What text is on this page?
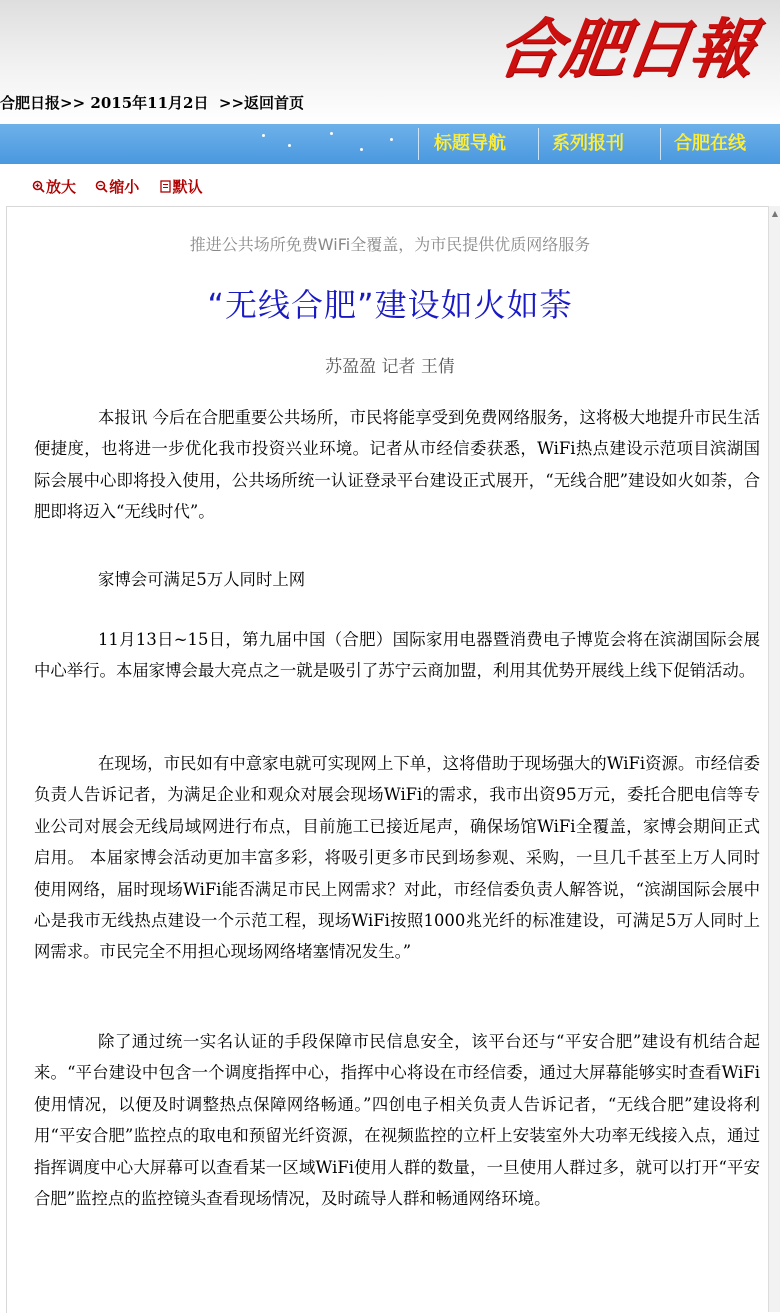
合肥日報
合肥日报>> 2015年11月2日 >>返回首页
标题导航	系列报刊	合肥在线
放大 缩小 默认
▲
推进公共场所免费WiFi全覆盖，为市民提供优质网络服务
“无线合肥”建设如火如荼
苏盈盈 记者 王倩
本报讯 今后在合肥重要公共场所，市民将能享受到免费网络服务，这将极大地提升市民生活便捷度，也将进一步优化我市投资兴业环境。记者从市经信委获悉，WiFi热点建设示范项目滨湖国际会展中心即将投入使用，公共场所统一认证登录平台建设正式展开，“无线合肥”建设如火如荼，合肥即将迈入“无线时代”。
家博会可满足5万人同时上网
11月13日~15日，第九届中国（合肥）国际家用电器暨消费电子博览会将在滨湖国际会展中心举行。本届家博会最大亮点之一就是吸引了苏宁云商加盟，利用其优势开展线上线下促销活动。
在现场，市民如有中意家电就可实现网上下单，这将借助于现场强大的WiFi资源。市经信委负责人告诉记者，为满足企业和观众对展会现场WiFi的需求，我市出资95万元，委托合肥电信等专业公司对展会无线局域网进行布点，目前施工已接近尾声，确保场馆WiFi全覆盖，家博会期间正式启用。 本届家博会活动更加丰富多彩，将吸引更多市民到场参观、采购，一旦几千甚至上万人同时使用网络，届时现场WiFi能否满足市民上网需求？对此，市经信委负责人解答说，“滨湖国际会展中心是我市无线热点建设一个示范工程，现场WiFi按照1000兆光纤的标准建设，可满足5万人同时上网需求。市民完全不用担心现场网络堵塞情况发生。”
除了通过统一实名认证的手段保障市民信息安全，该平台还与“平安合肥”建设有机结合起来。“平台建设中包含一个调度指挥中心，指挥中心将设在市经信委，通过大屏幕能够实时查看WiFi使用情况，以便及时调整热点保障网络畅通。”四创电子相关负责人告诉记者，“无线合肥”建设将利用“平安合肥”监控点的取电和预留光纤资源，在视频监控的立杆上安装室外大功率无线接入点，通过指挥调度中心大屏幕可以查看某一区域WiFi使用人群的数量，一旦使用人群过多，就可以打开“平安合肥”监控点的监控镜头查看现场情况，及时疏导人群和畅通网络环境。
